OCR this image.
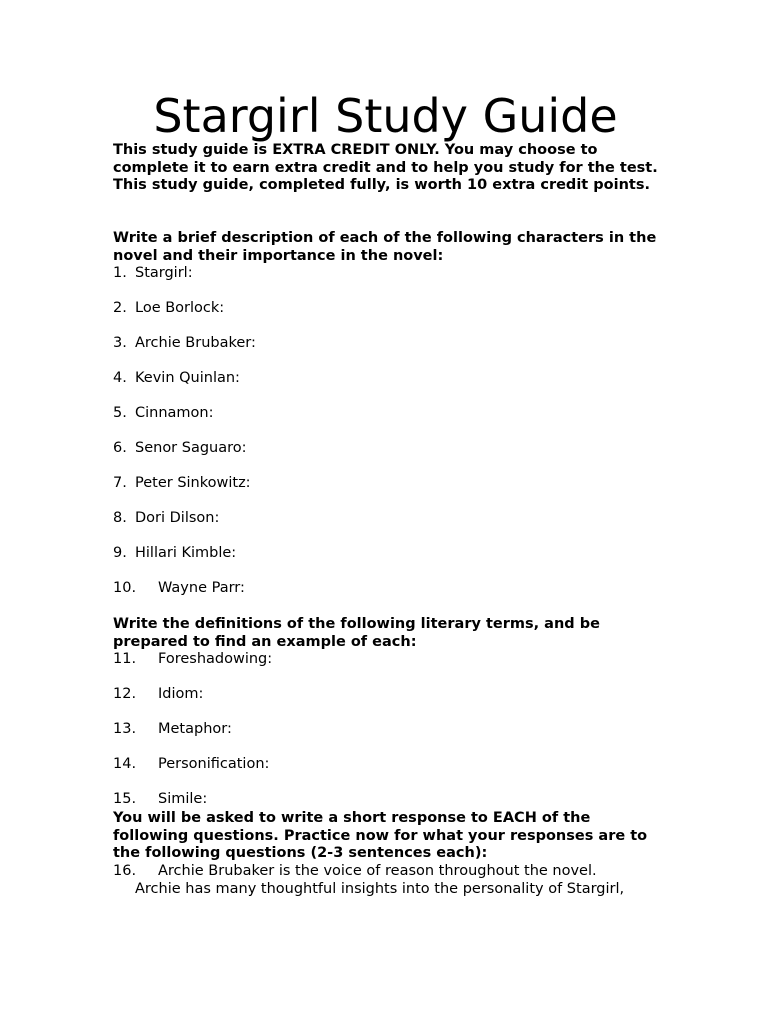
Stargirl Study Guide

This study guide is EXTRA CREDIT ONLY. You may choose to complete it to earn extra credit and to help you study for the test. This study guide, completed fully, is worth 10 extra credit points.

Write a brief description of each of the following characters in the novel and their importance in the novel:

1. Stargirl:
2. Loe Borlock:
3. Archie Brubaker:
4. Kevin Quinlan:
5. Cinnamon:
6. Senor Saguaro:
7. Peter Sinkowitz:
8. Dori Dilson:
9. Hillari Kimble:
10. Wayne Parr:

Write the definitions of the following literary terms, and be prepared to find an example of each:

11. Foreshadowing:
12. Idiom:
13. Metaphor:
14. Personification:
15. Simile:

You will be asked to write a short response to EACH of the following questions. Practice now for what your responses are to the following questions (2-3 sentences each):

16. Archie Brubaker is the voice of reason throughout the novel.
Archie has many thoughtful insights into the personality of Stargirl,
